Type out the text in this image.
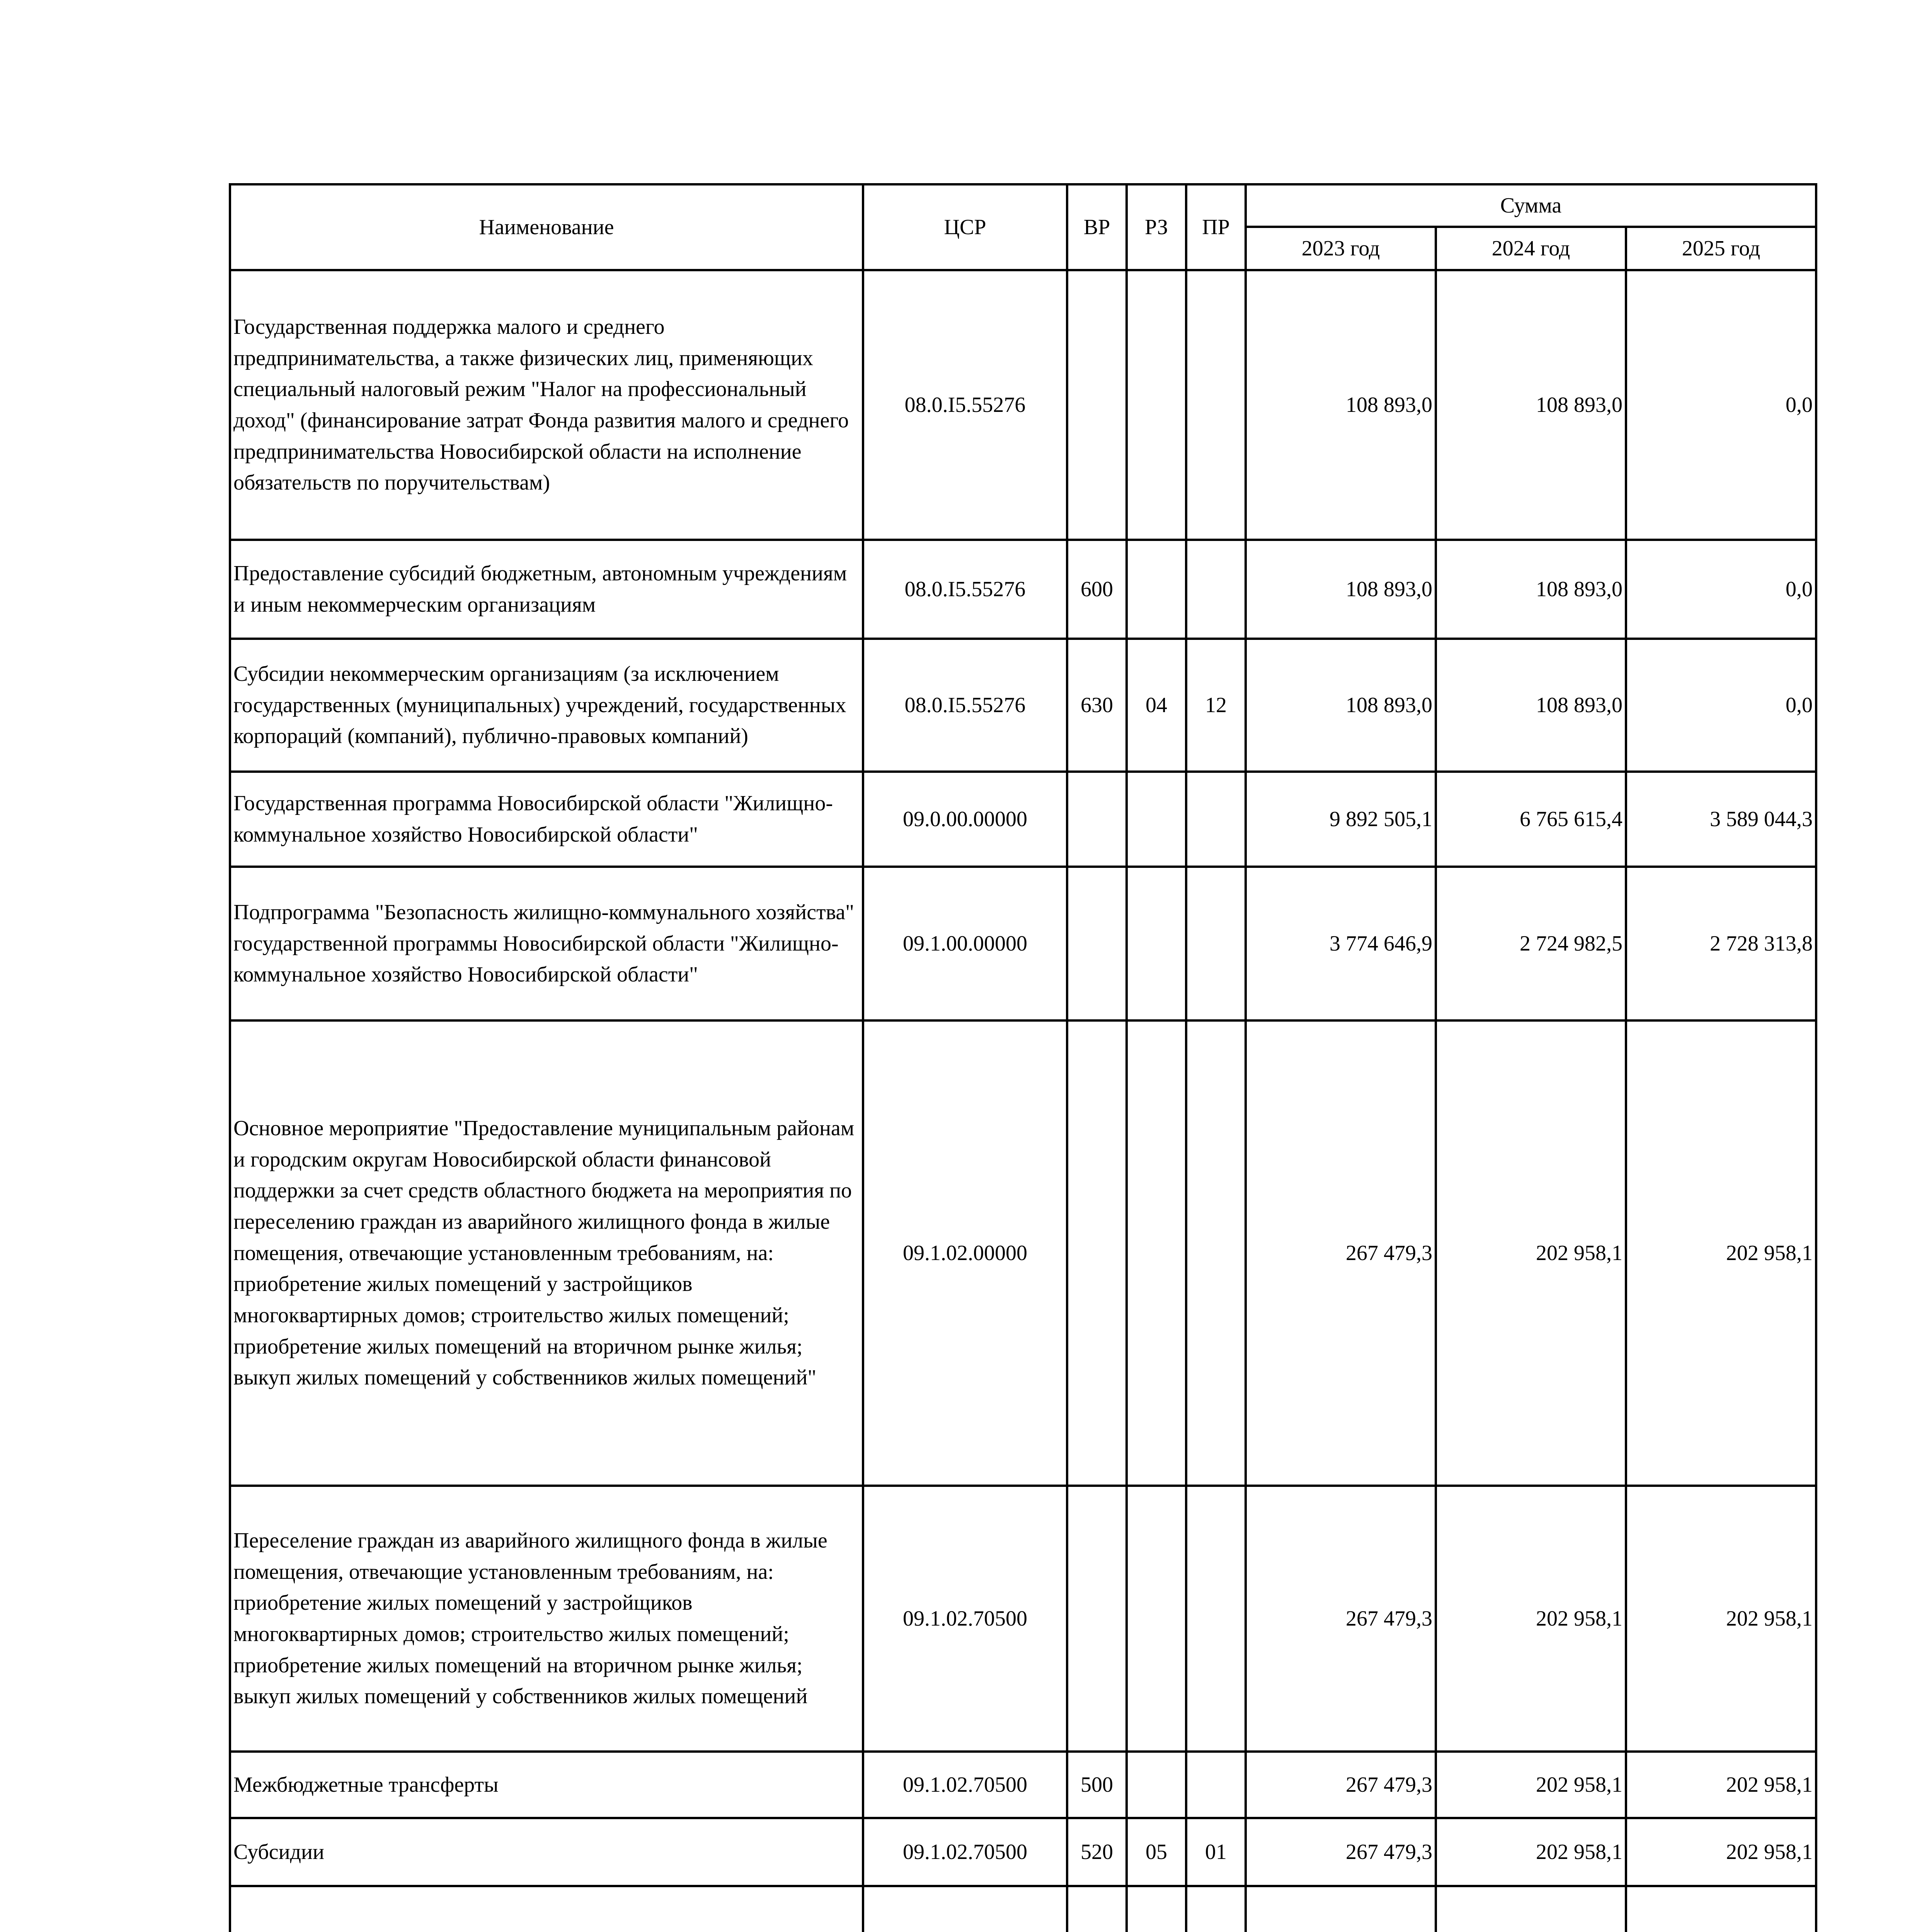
Наименование	ЦСР	ВР	РЗ	ПР	Сумма		
					2023 год	2024 год	2025 год
Государственная поддержка малого и среднего предпринимательства, а также физических лиц, применяющих специальный налоговый режим "Налог на профессиональный доход" (финансирование затрат Фонда развития малого и среднего предпринимательства Новосибирской области на исполнение обязательств по поручительствам)	08.0.I5.55276				108 893,0	108 893,0	0,0
Предоставление субсидий бюджетным, автономным учреждениям и иным некоммерческим организациям	08.0.I5.55276	600			108 893,0	108 893,0	0,0
Субсидии некоммерческим организациям (за исключением государственных (муниципальных) учреждений, государственных корпораций (компаний), публично-правовых компаний)	08.0.I5.55276	630	04	12	108 893,0	108 893,0	0,0
Государственная программа Новосибирской области "Жилищно-коммунальное хозяйство Новосибирской области"	09.0.00.00000				9 892 505,1	6 765 615,4	3 589 044,3
Подпрограмма "Безопасность жилищно-коммунального хозяйства" государственной программы Новосибирской области "Жилищно-коммунальное хозяйство Новосибирской области"	09.1.00.00000				3 774 646,9	2 724 982,5	2 728 313,8
Основное мероприятие "Предоставление муниципальным районам и городским округам Новосибирской области финансовой поддержки за счет средств областного бюджета на мероприятия по переселению граждан из аварийного жилищного фонда в жилые помещения, отвечающие установленным требованиям, на: приобретение жилых помещений у застройщиков многоквартирных домов; строительство жилых помещений; приобретение жилых помещений на вторичном рынке жилья; выкуп жилых помещений у собственников жилых помещений"	09.1.02.00000				267 479,3	202 958,1	202 958,1
Переселение граждан из аварийного жилищного фонда в жилые помещения, отвечающие установленным требованиям, на: приобретение жилых помещений у застройщиков многоквартирных домов; строительство жилых помещений; приобретение жилых помещений на вторичном рынке жилья; выкуп жилых помещений у собственников жилых помещений	09.1.02.70500				267 479,3	202 958,1	202 958,1
Межбюджетные трансферты	09.1.02.70500	500			267 479,3	202 958,1	202 958,1
Субсидии	09.1.02.70500	520	05	01	267 479,3	202 958,1	202 958,1
